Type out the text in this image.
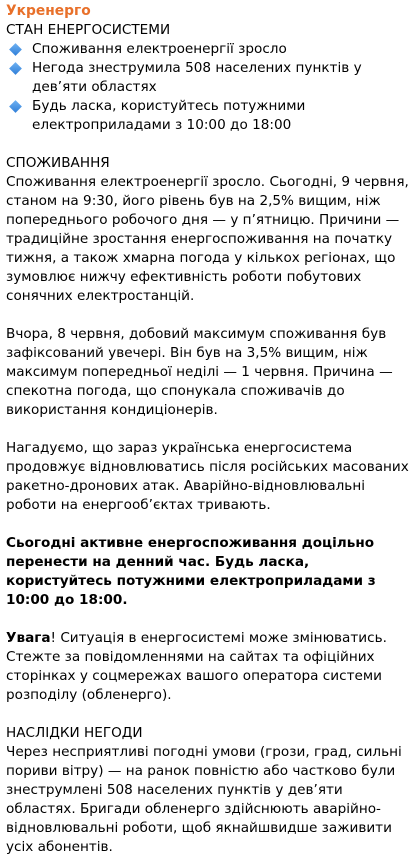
Укренерго

СТАН ЕНЕРГОСИСТЕМИ

Споживання електроенергії зросло
Негода знеструмила 508 населених пунктів у дев’яти областях
Будь ласка, користуйтесь потужними електроприладами з 10:00 до 18:00

СПОЖИВАННЯ

Споживання електроенергії зросло. Сьогодні, 9 червня, станом на 9:30, його рівень був на 2,5% вищим, ніж попереднього робочого дня — у п’ятницю. Причини — традиційне зростання енергоспоживання на початку тижня, а також хмарна погода у кількох регіонах, що зумовлює нижчу ефективність роботи побутових сонячних електростанцій.

Вчора, 8 червня, добовий максимум споживання був зафіксований увечері. Він був на 3,5% вищим, ніж максимум попередньої неділі — 1 червня. Причина — спекотна погода, що спонукала споживачів до використання кондиціонерів.

Нагадуємо, що зараз українська енергосистема продовжує відновлюватись після російських масованих ракетно-дронових атак. Аварійно-відновлювальні роботи на енергооб’єктах тривають.

Сьогодні активне енергоспоживання доцільно перенести на денний час. Будь ласка, користуйтесь потужними електроприладами з 10:00 до 18:00.

Увага! Ситуація в енергосистемі може змінюватись. Стежте за повідомленнями на сайтах та офіційних сторінках у соцмережах вашого оператора системи розподілу (обленерго).

НАСЛІДКИ НЕГОДИ

Через несприятливі погодні умови (грози, град, сильні пориви вітру) — на ранок повністю або частково були знеструмлені 508 населених пунктів у дев’яти областях. Бригади обленерго здійснюють аварійно-відновлювальні роботи, щоб якнайшвидше заживити усіх абонентів.
